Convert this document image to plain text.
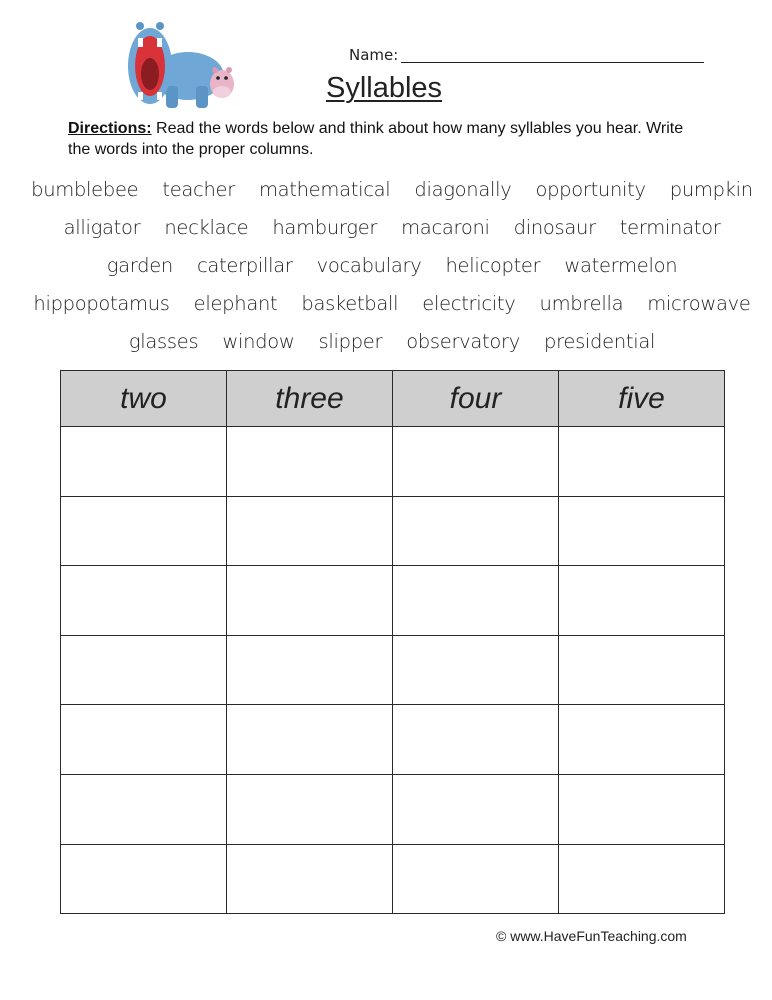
Name:
Syllables
Directions: Read the words below and think about how many syllables you hear. Write the words into the proper columns.
bumblebee teacher mathematical diagonally opportunity pumpkin
alligator necklace hamburger macaroni dinosaur terminator
garden caterpillar vocabulary helicopter watermelon
hippopotamus elephant basketball electricity umbrella microwave
glasses window slipper observatory presidential
two	three	four	five

© www.HaveFunTeaching.com
